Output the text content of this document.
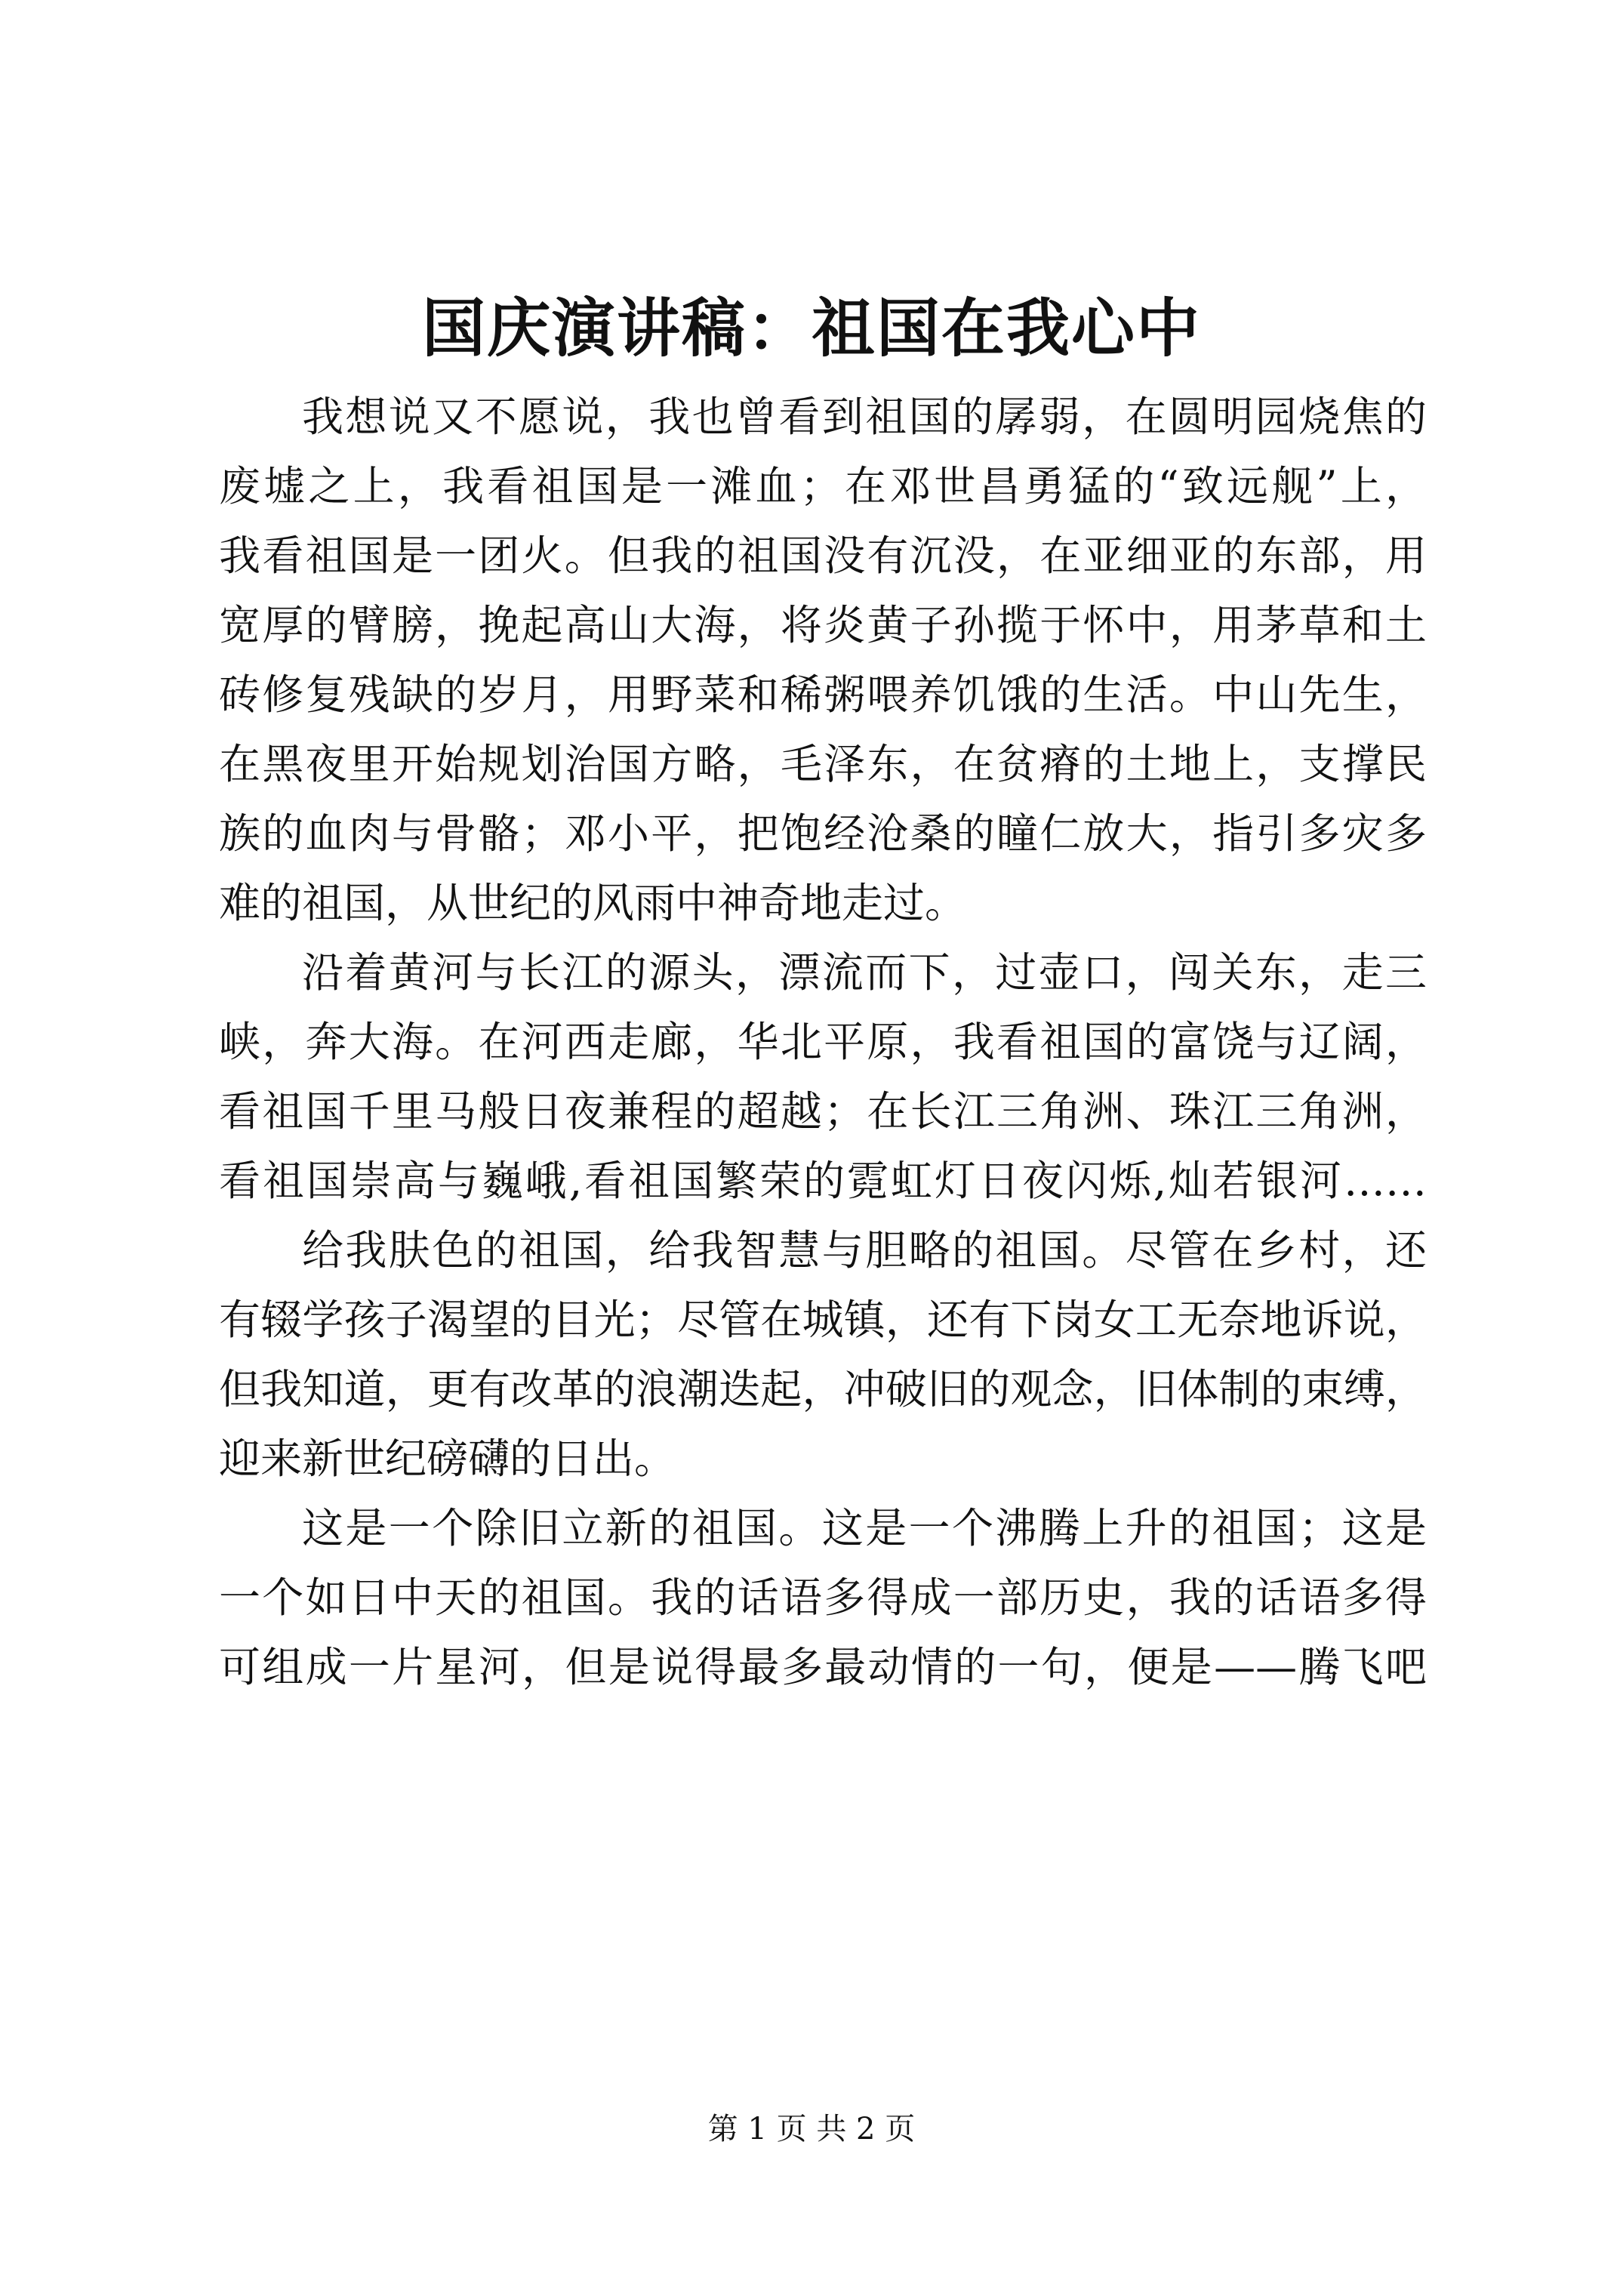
国庆演讲稿：祖国在我心中
我想说又不愿说，我也曾看到祖国的孱弱，在圆明园烧焦的
废墟之上，我看祖国是一滩血；在邓世昌勇猛的“致远舰”上，
我看祖国是一团火。但我的祖国没有沉没，在亚细亚的东部，用
宽厚的臂膀，挽起高山大海，将炎黄子孙揽于怀中，用茅草和土
砖修复残缺的岁月，用野菜和稀粥喂养饥饿的生活。中山先生，
在黑夜里开始规划治国方略，毛泽东，在贫瘠的土地上，支撑民
族的血肉与骨骼；邓小平，把饱经沧桑的瞳仁放大，指引多灾多
难的祖国，从世纪的风雨中神奇地走过。
沿着黄河与长江的源头，漂流而下，过壶口，闯关东，走三
峡，奔大海。在河西走廊，华北平原，我看祖国的富饶与辽阔，
看祖国千里马般日夜兼程的超越；在长江三角洲、珠江三角洲，
看祖国崇高与巍峨,看祖国繁荣的霓虹灯日夜闪烁,灿若银河……
给我肤色的祖国，给我智慧与胆略的祖国。尽管在乡村，还
有辍学孩子渴望的目光；尽管在城镇，还有下岗女工无奈地诉说，
但我知道，更有改革的浪潮迭起，冲破旧的观念，旧体制的束缚，
迎来新世纪磅礴的日出。
这是一个除旧立新的祖国。这是一个沸腾上升的祖国；这是
一个如日中天的祖国。我的话语多得成一部历史，我的话语多得
可组成一片星河，但是说得最多最动情的一句，便是——腾飞吧
第 1 页 共 2 页
